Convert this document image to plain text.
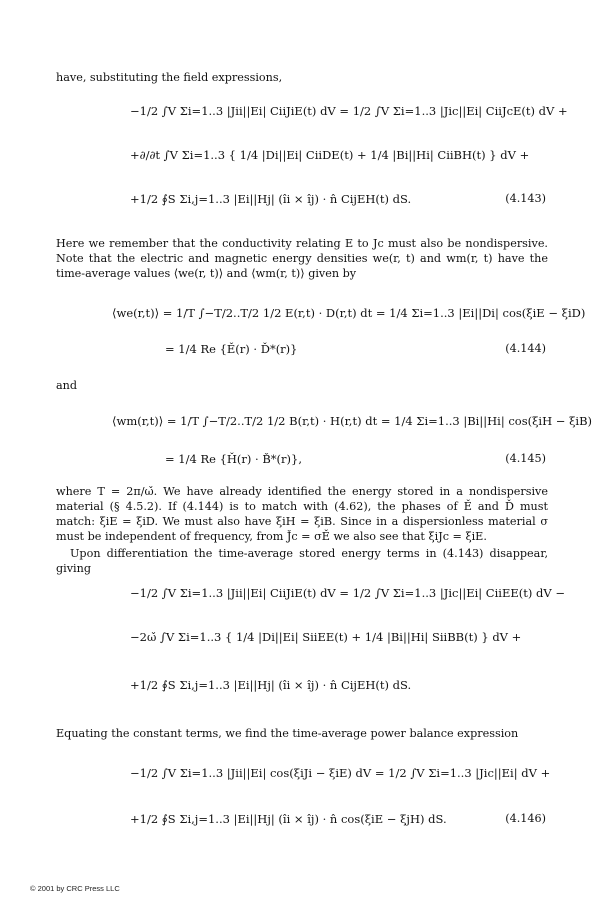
have, substituting the field expressions,

−1/2 ∫V Σi=1..3 |Jii||Ei| CiiJiE(t) dV = 1/2 ∫V Σi=1..3 |Jic||Ei| CiiJcE(t) dV +
+∂/∂t ∫V Σi=1..3 { 1/4 |Di||Ei| CiiDE(t) + 1/4 |Bi||Hi| CiiBH(t) } dV +
+1/2 ∮S Σi,j=1..3 |Ei||Hj| (îi × îj) · n̂ CijEH(t) dS.	(4.143)

Here we remember that the conductivity relating E to Jc must also be nondispersive. Note that the electric and magnetic energy densities we(r, t) and wm(r, t) have the time-average values ⟨we(r, t)⟩ and ⟨wm(r, t)⟩ given by

⟨we(r,t)⟩ = 1/T ∫−T/2..T/2 1/2 E(r,t) · D(r,t) dt = 1/4 Σi=1..3 |Ei||Di| cos(ξiE − ξiD)
= 1/4 Re {Ě(r) · Ď*(r)}	(4.144)

and

⟨wm(r,t)⟩ = 1/T ∫−T/2..T/2 1/2 B(r,t) · H(r,t) dt = 1/4 Σi=1..3 |Bi||Hi| cos(ξiH − ξiB)
= 1/4 Re {Ȟ(r) · B̌*(r)},	(4.145)

where T = 2π/ω̌. We have already identified the energy stored in a nondispersive material (§ 4.5.2). If (4.144) is to match with (4.62), the phases of Ě and Ď must match: ξiE = ξiD. We must also have ξiH = ξiB. Since in a dispersionless material σ must be independent of frequency, from J̌c = σĚ we also see that ξiJc = ξiE.

Upon differentiation the time-average stored energy terms in (4.143) disappear, giving

−1/2 ∫V Σi=1..3 |Jii||Ei| CiiJiE(t) dV = 1/2 ∫V Σi=1..3 |Jic||Ei| CiiEE(t) dV −
−2ω̌ ∫V Σi=1..3 { 1/4 |Di||Ei| SiiEE(t) + 1/4 |Bi||Hi| SiiBB(t) } dV +
+1/2 ∮S Σi,j=1..3 |Ei||Hj| (îi × îj) · n̂ CijEH(t) dS.

Equating the constant terms, we find the time-average power balance expression

−1/2 ∫V Σi=1..3 |Jii||Ei| cos(ξiJi − ξiE) dV = 1/2 ∫V Σi=1..3 |Jic||Ei| dV +
+1/2 ∮S Σi,j=1..3 |Ei||Hj| (îi × îj) · n̂ cos(ξiE − ξjH) dS.	(4.146)
© 2001 by CRC Press LLC
